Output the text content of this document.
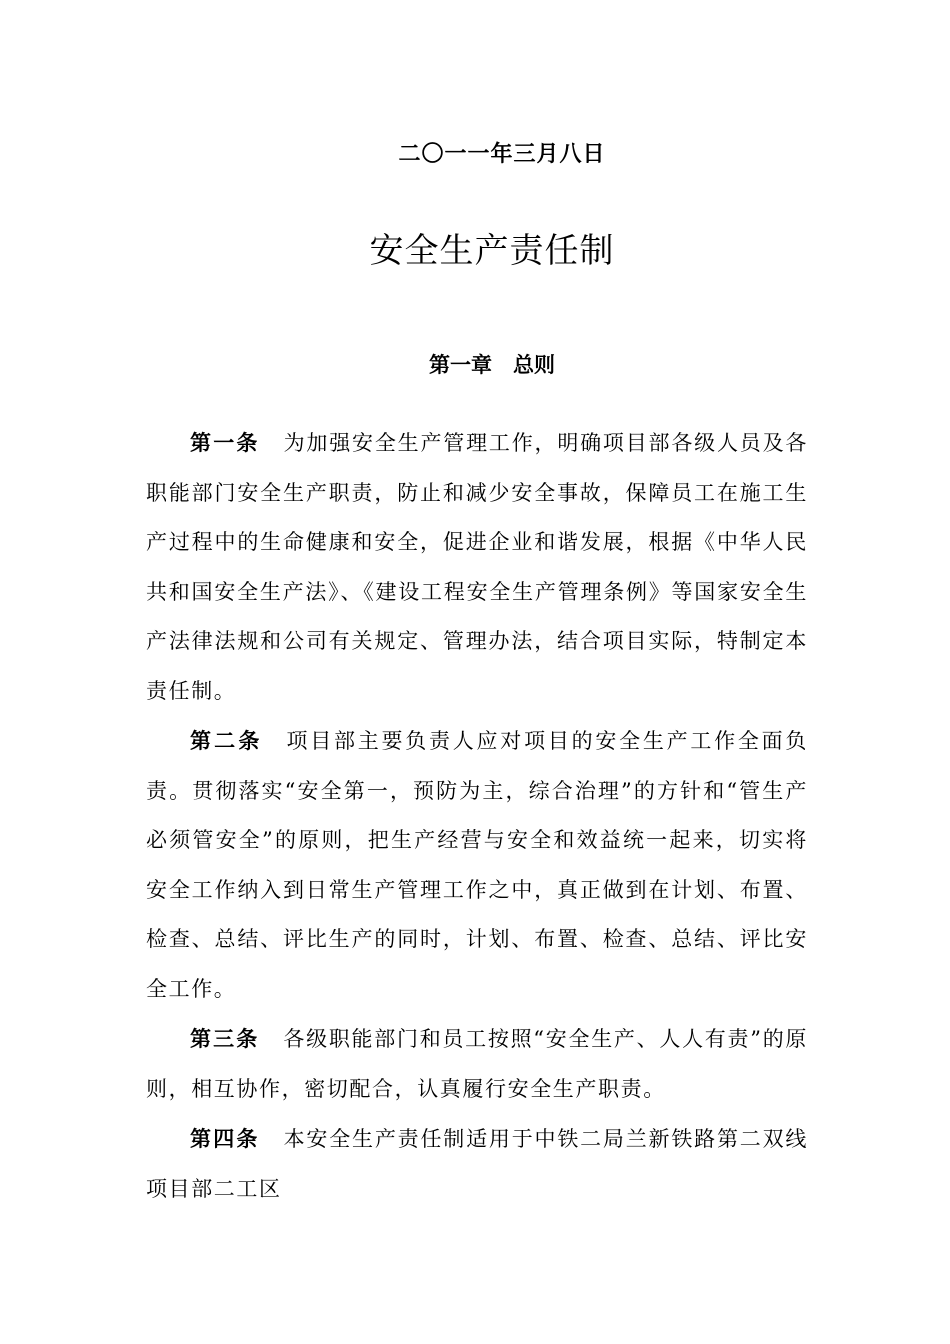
二〇一一年三月八日
安全生产责任制
第一章　总则

第一条 为加强安全生产管理工作，明确项目部各级人员及各职能部门安全生产职责，防止和减少安全事故，保障员工在施工生产过程中的生命健康和安全，促进企业和谐发展，根据《中华人民共和国安全生产法》、《建设工程安全生产管理条例》等国家安全生产法律法规和公司有关规定、管理办法，结合项目实际，特制定本责任制。

第二条 项目部主要负责人应对项目的安全生产工作全面负责。贯彻落实“安全第一，预防为主，综合治理”的方针和“管生产必须管安全”的原则，把生产经营与安全和效益统一起来，切实将安全工作纳入到日常生产管理工作之中，真正做到在计划、布置、检查、总结、评比生产的同时，计划、布置、检查、总结、评比安全工作。

第三条 各级职能部门和员工按照“安全生产、人人有责”的原则，相互协作，密切配合，认真履行安全生产职责。

第四条 本安全生产责任制适用于中铁二局兰新铁路第二双线项目部二工区
